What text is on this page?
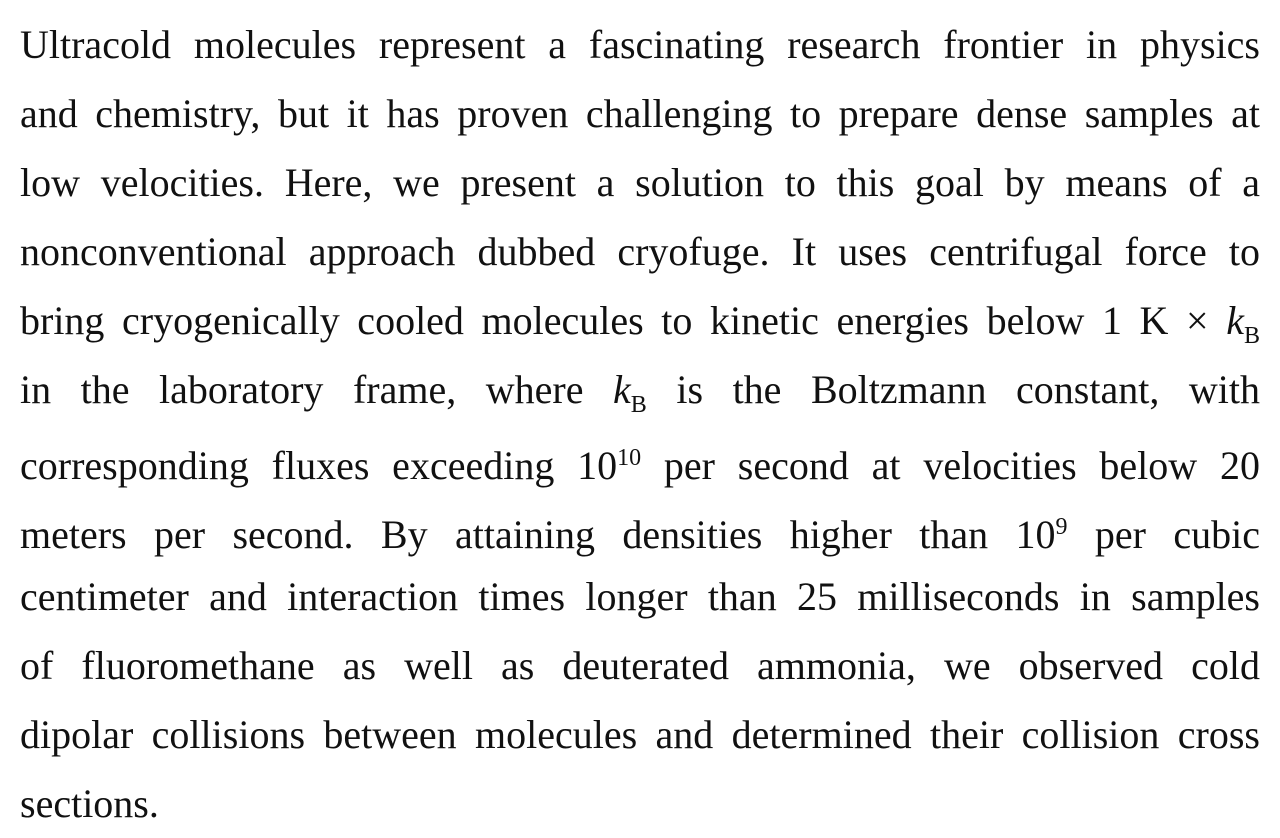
Ultracold molecules represent a fascinating research frontier in physics
and chemistry, but it has proven challenging to prepare dense samples at
low velocities. Here, we present a solution to this goal by means of a
nonconventional approach dubbed cryofuge. It uses centrifugal force to
bring cryogenically cooled molecules to kinetic energies below 1 $K \times k_B$
in the laboratory frame, where $k_B$ is the Boltzmann constant, with
corresponding fluxes exceeding $10^{10}$ per second at velocities below 20
meters per second. By attaining densities higher than $10^9$ per cubic
centimeter and interaction times longer than 25 milliseconds in samples
of fluoromethane as well as deuterated ammonia, we observed cold
dipolar collisions between molecules and determined their collision cross
sections.
